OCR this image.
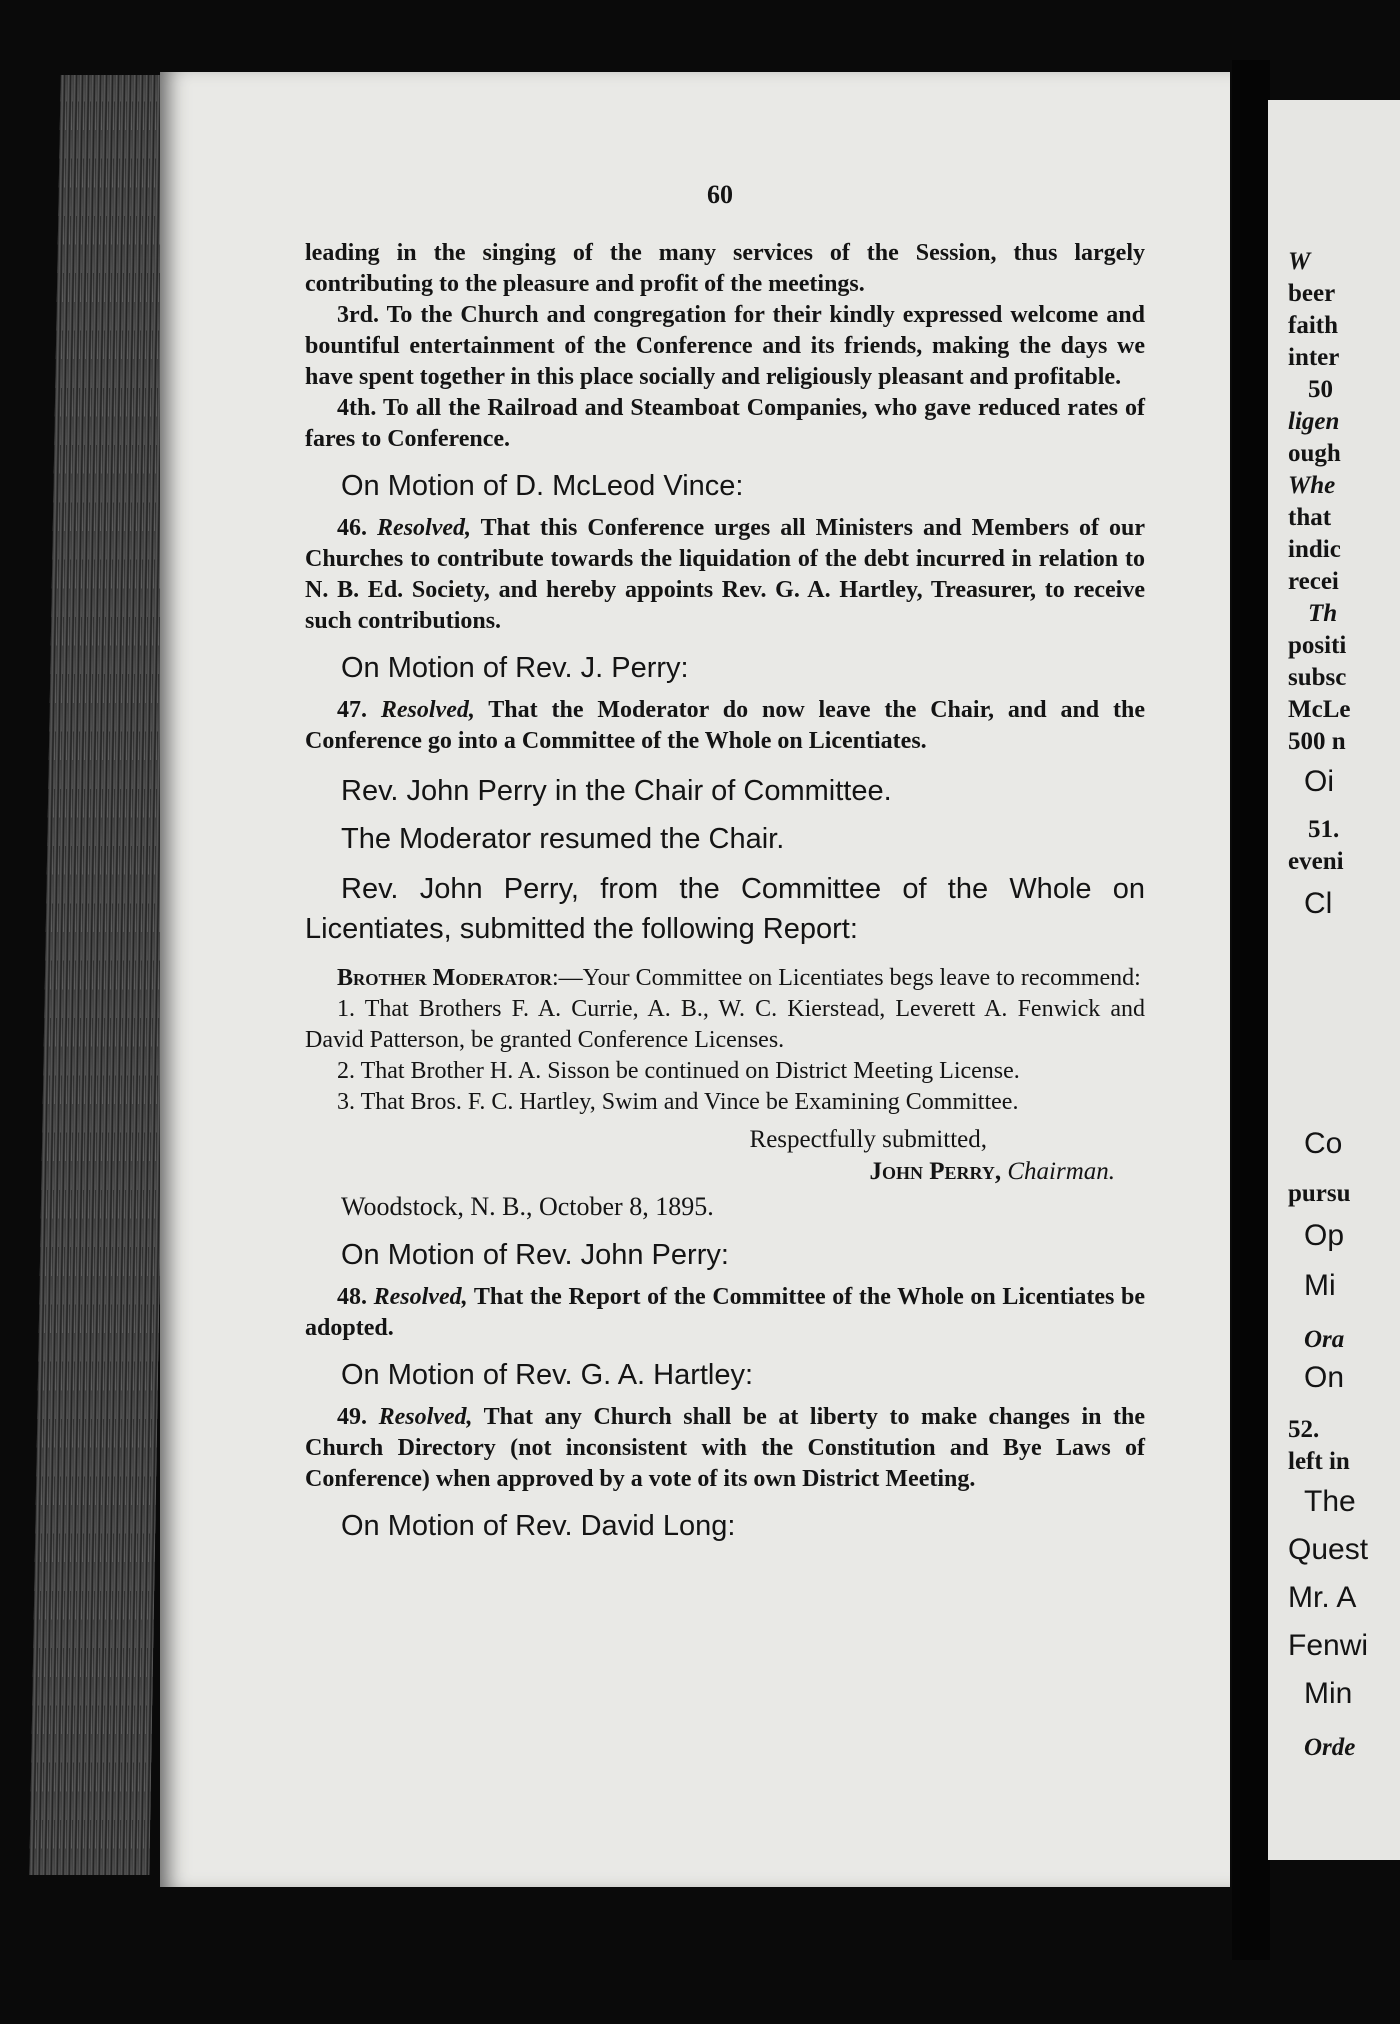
W
beer
faith
inter
50
ligen
ough
Whe
that
indic
recei
Th
positi
subsc
McLe
500 n
Oi
51.
eveni
Cl
Co
pursu
Op
Mi
Ora
On
52.
left in
The
Quest
Mr. A
Fenwi
Min
Orde
60

leading in the singing of the many services of the Session, thus largely contributing to the pleasure and profit of the meetings.

3rd. To the Church and congregation for their kindly expressed welcome and bountiful entertainment of the Conference and its friends, making the days we have spent together in this place socially and religiously pleasant and profitable.

4th. To all the Railroad and Steamboat Companies, who gave reduced rates of fares to Conference.

On Motion of D. McLeod Vince:

46. Resolved, That this Conference urges all Ministers and Members of our Churches to contribute towards the liquidation of the debt incurred in relation to N. B. Ed. Society, and hereby appoints Rev. G. A. Hartley, Treasurer, to receive such contributions.

On Motion of Rev. J. Perry:

47. Resolved, That the Moderator do now leave the Chair, and and the Conference go into a Committee of the Whole on Licentiates.

Rev. John Perry in the Chair of Committee.
The Moderator resumed the Chair.
Rev. John Perry, from the Committee of the Whole on Licentiates, submitted the following Report:

Brother Moderator:—Your Committee on Licentiates begs leave to recommend:

1. That Brothers F. A. Currie, A. B., W. C. Kierstead, Leverett A. Fenwick and David Patterson, be granted Conference Licenses.

2. That Brother H. A. Sisson be continued on District Meeting License.

3. That Bros. F. C. Hartley, Swim and Vince be Examining Committee.

Respectfully submitted,

John Perry, Chairman.

Woodstock, N. B., October 8, 1895.

On Motion of Rev. John Perry:

48. Resolved, That the Report of the Committee of the Whole on Licentiates be adopted.

On Motion of Rev. G. A. Hartley:

49. Resolved, That any Church shall be at liberty to make changes in the Church Directory (not inconsistent with the Constitution and Bye Laws of Conference) when approved by a vote of its own District Meeting.

On Motion of Rev. David Long:
